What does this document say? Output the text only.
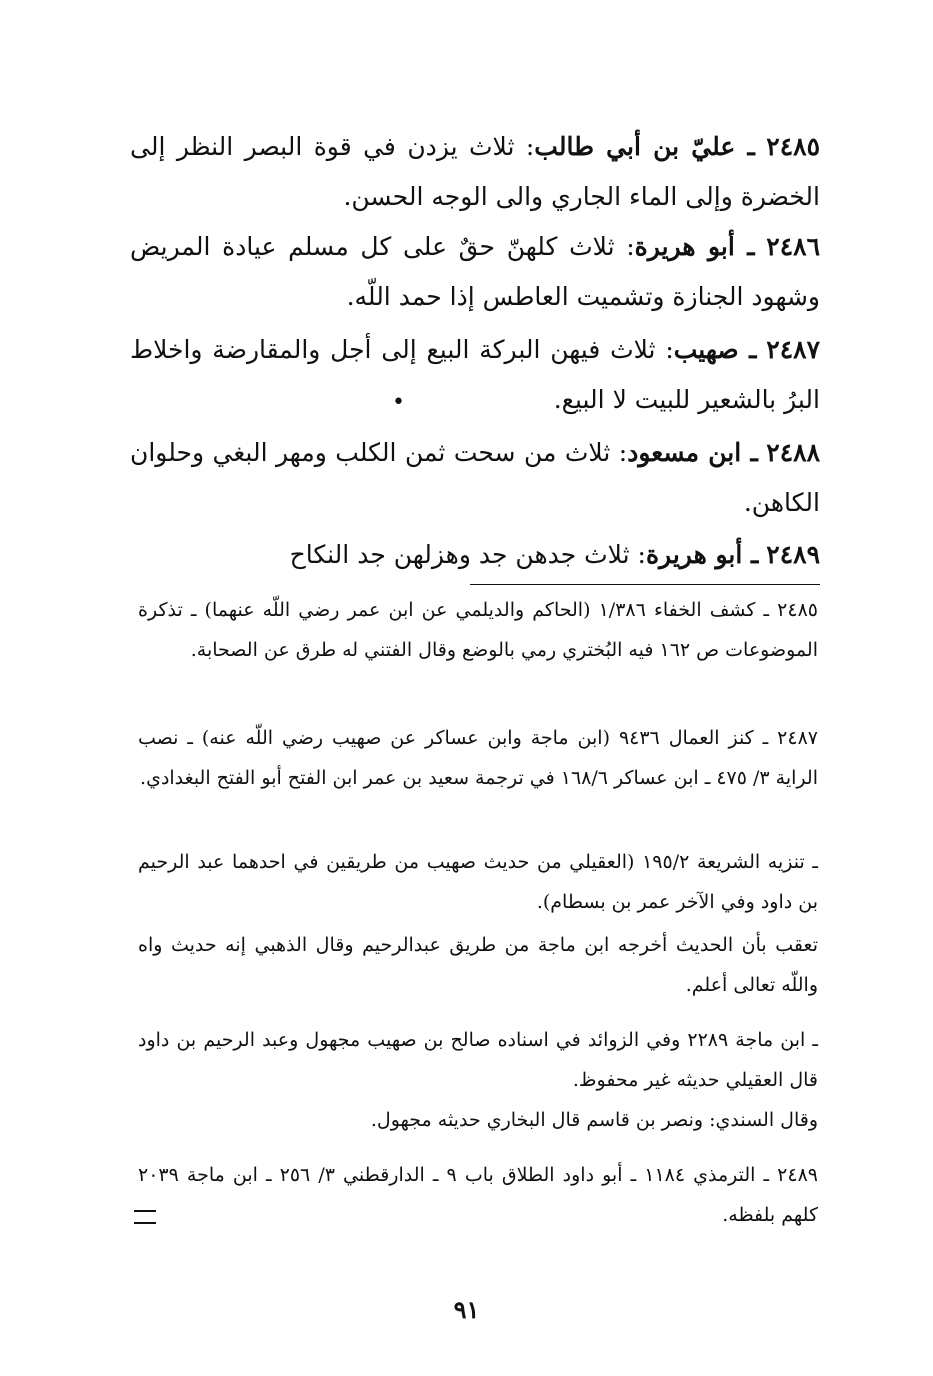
٢٤٨٥ ـ عليّ بن أبي طالب: ثلاث يزدن في قوة البصر النظر إلى الخضرة وإلى الماء الجاري والى الوجه الحسن.
٢٤٨٦ ـ أبو هريرة: ثلاث كلهنّ حقٌ على كل مسلم عيادة المريض وشهود الجنازة وتشميت العاطس إذا حمد اللّه.
٢٤٨٧ ـ صهيب: ثلاث فيهن البركة البيع إلى أجل والمقارضة واخلاط البرُ بالشعير للبيت لا البيع.
•
٢٤٨٨ ـ ابن مسعود: ثلاث من سحت ثمن الكلب ومهر البغي وحلوان الكاهن.
٢٤٨٩ ـ أبو هريرة: ثلاث جدهن جد وهزلهن جد النكاح
٢٤٨٥ ـ كشف الخفاء ١/٣٨٦ (الحاكم والديلمي عن ابن عمر رضي اللّه عنهما) ـ تذكرة الموضوعات ص ١٦٢ فيه البُختري رمي بالوضع وقال الفتني له طرق عن الصحابة.
٢٤٨٧ ـ كنز العمال ٩٤٣٦ (ابن ماجة وابن عساكر عن صهيب رضي اللّه عنه) ـ نصب الراية ٣/ ٤٧٥ ـ ابن عساكر ١٦٨/٦ في ترجمة سعيد بن عمر ابن الفتح أبو الفتح البغدادي.
ـ تنزيه الشريعة ١٩٥/٢ (العقيلي من حديث صهيب من طريقين في احدهما عبد الرحيم بن داود وفي الآخر عمر بن بسطام).
تعقب بأن الحديث أخرجه ابن ماجة من طريق عبدالرحيم وقال الذهبي إنه حديث واه واللّه تعالى أعلم.
ـ ابن ماجة ٢٢٨٩ وفي الزوائد في اسناده صالح بن صهيب مجهول وعبد الرحيم بن داود قال العقيلي حديثه غير محفوظ.
وقال السندي: ونصر بن قاسم قال البخاري حديثه مجهول.
٢٤٨٩ ـ الترمذي ١١٨٤ ـ أبو داود الطلاق باب ٩ ـ الدارقطني ٣/ ٢٥٦ ـ ابن ماجة ٢٠٣٩ كلهم بلفظه.
٩١
